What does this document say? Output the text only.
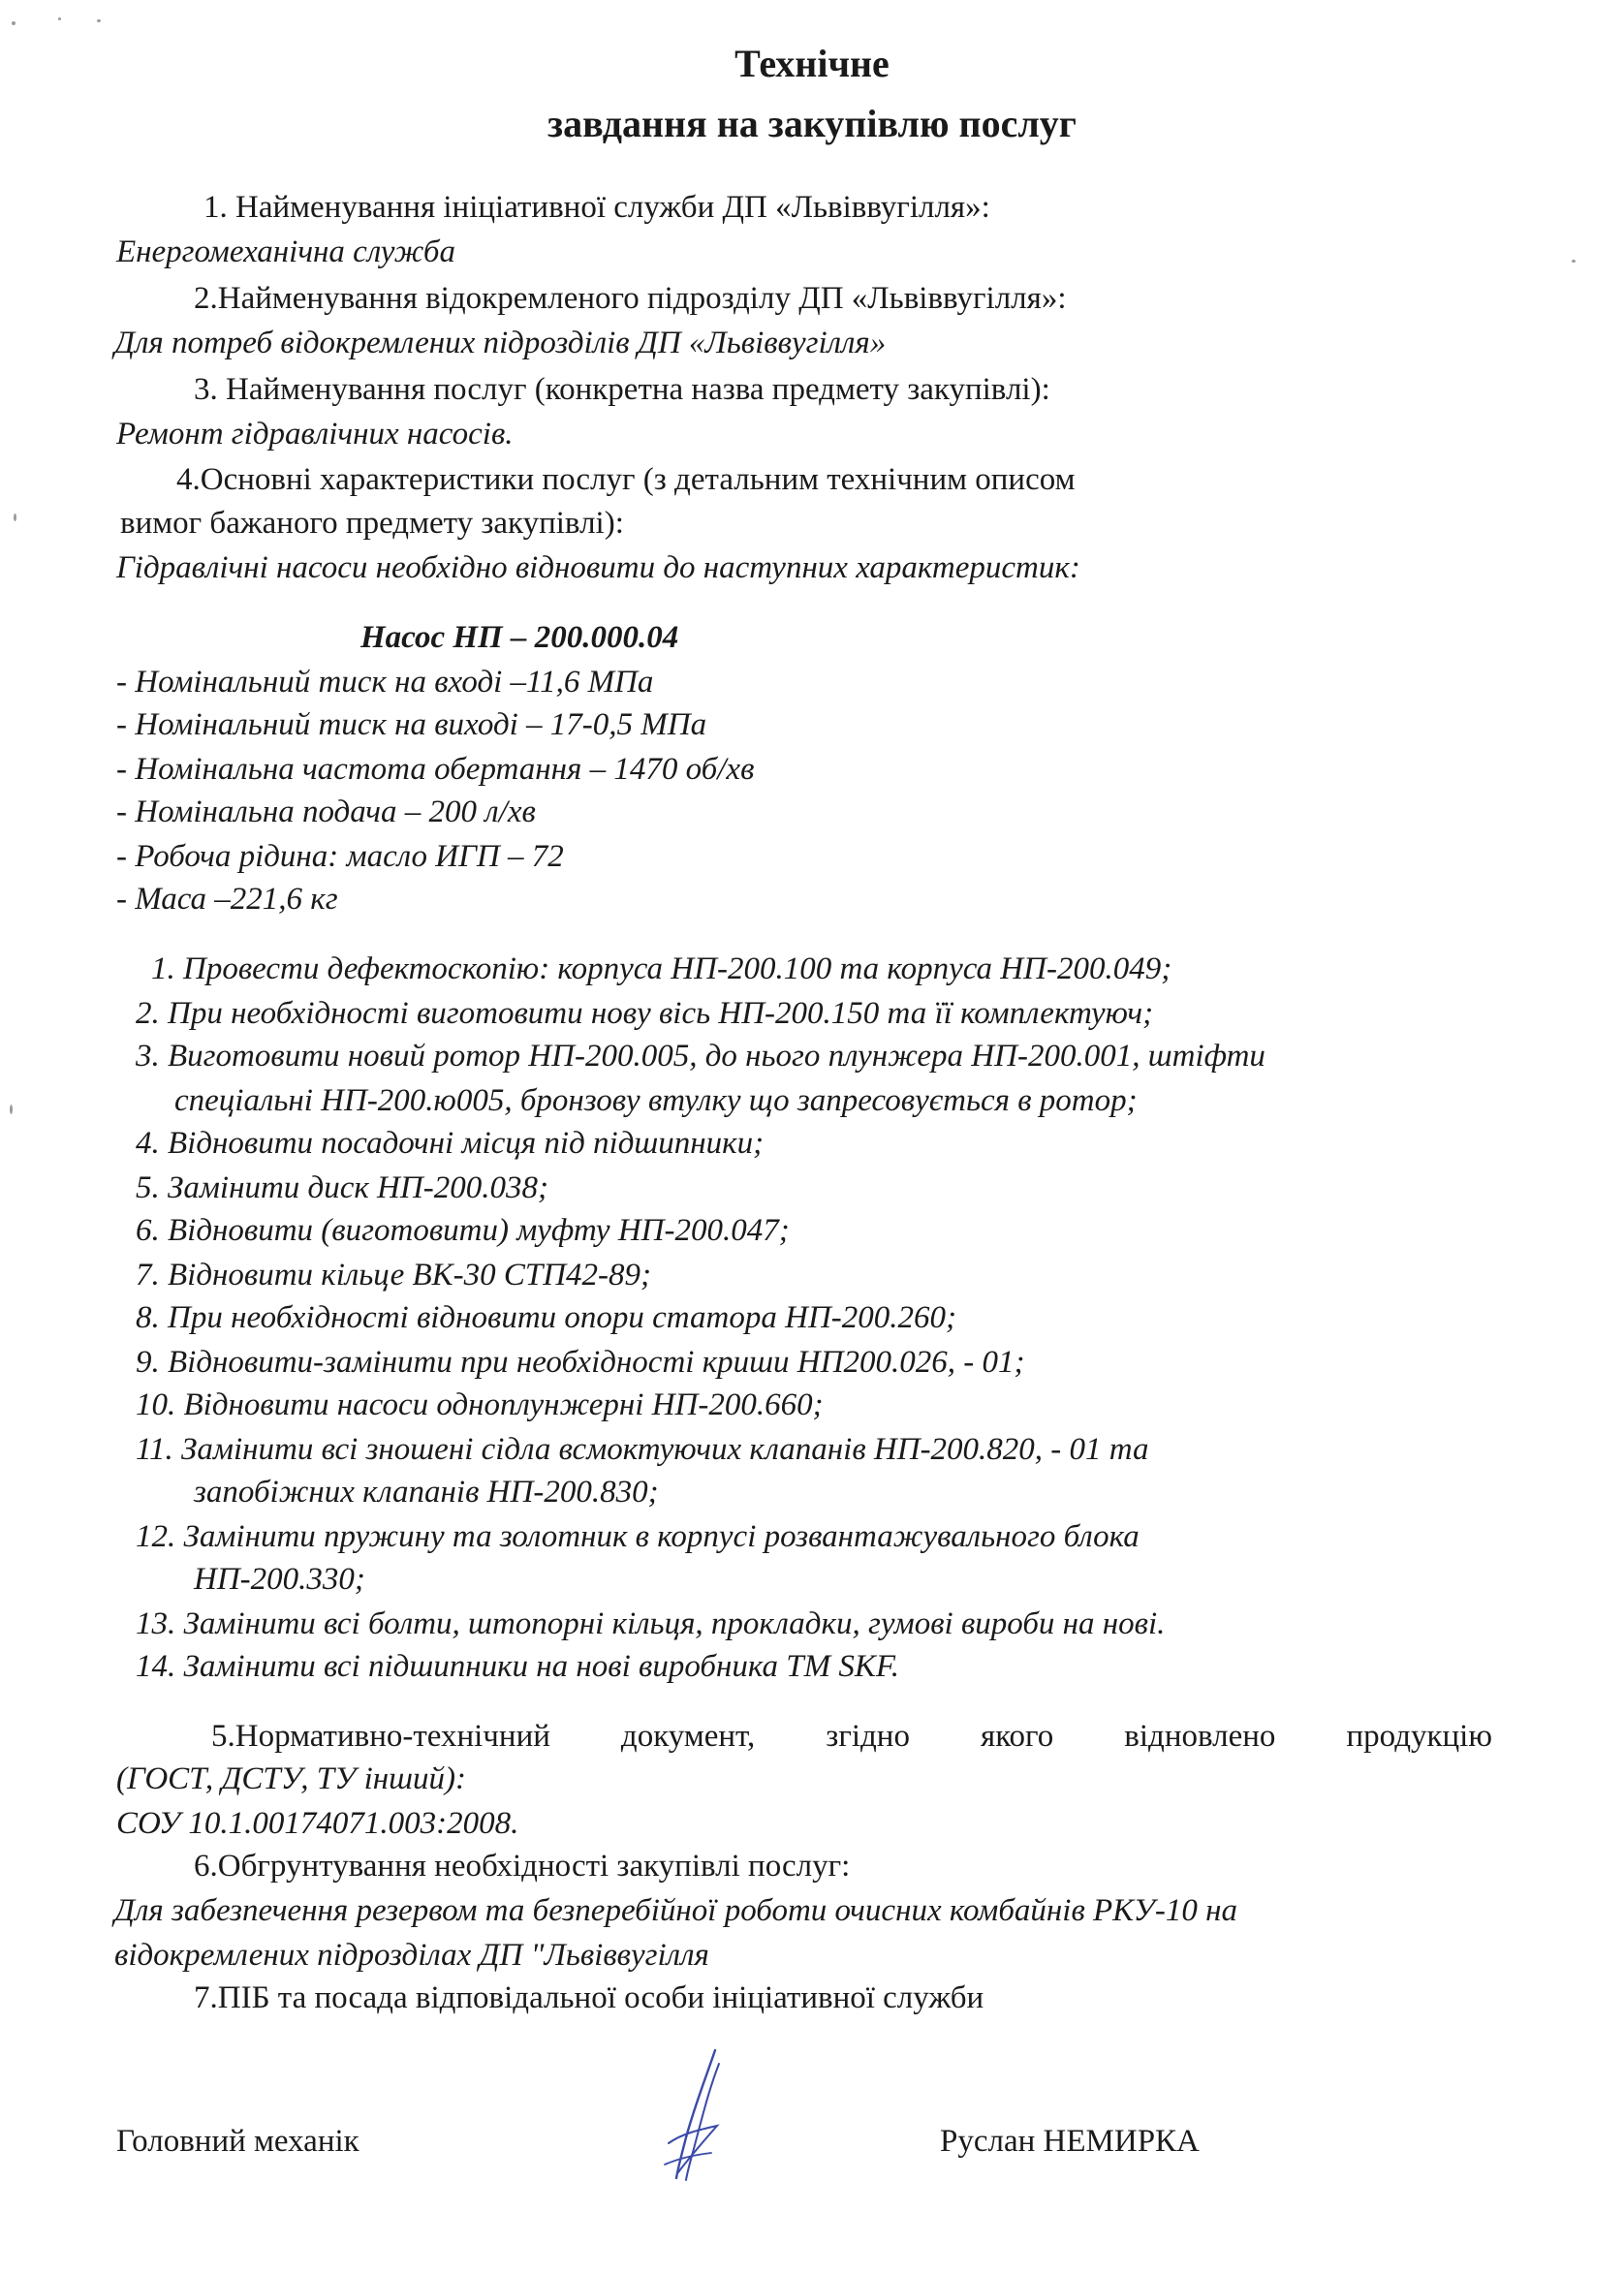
Технічне
завдання на закупівлю послуг

1. Найменування ініціативної служби ДП «Львіввугілля»:

Енергомеханічна служба

2.Найменування відокремленого підрозділу ДП «Львіввугілля»:

Для потреб відокремлених підрозділів ДП «Львіввугілля»

3. Найменування послуг (конкретна назва предмету закупівлі):

Ремонт гідравлічних насосів.

4.Основні характеристики послуг (з детальним технічним описом

вимог бажаного предмету закупівлі):

Гідравлічні насоси необхідно відновити до наступних характеристик:

Насос НП – 200.000.04

- Номінальний тиск на вході –11,6 МПа

- Номінальний тиск на виході – 17-0,5 МПа

- Номінальна частота обертання – 1470 об/хв

- Номінальна подача – 200 л/хв

- Робоча рідина: масло ИГП – 72

- Маса –221,6 кг

1. Провести дефектоскопію: корпуса НП-200.100 та корпуса НП-200.049;

2. При необхідності виготовити нову вісь НП-200.150 та її комплектуюч;

3. Виготовити новий ротор НП-200.005, до нього плунжера НП-200.001, штіфти

спеціальні НП-200.ю005, бронзову втулку що запресовується в ротор;

4. Відновити посадочні місця під підшипники;

5. Замінити диск НП-200.038;

6. Відновити (виготовити) муфту НП-200.047;

7. Відновити кільце ВК-30 СТП42-89;

8. При необхідності відновити опори статора НП-200.260;

9. Відновити-замінити при необхідності криши НП200.026, - 01;

10. Відновити насоси одноплунжерні НП-200.660;

11. Замінити всі зношені сідла всмоктуючих клапанів НП-200.820, - 01 та

запобіжних клапанів НП-200.830;

12. Замінити пружину та золотник в корпусі розвантажувального блока

НП-200.330;

13. Замінити всі болти, штопорні кільця, прокладки, гумові вироби на нові.

14. Замінити всі підшипники на нові виробника ТМ SKF.

5.Нормативно-технічний документ, згідно якого відновлено продукцію

(ГОСТ, ДСТУ, ТУ інший):

СОУ 10.1.00174071.003:2008.

6.Обгрунтування необхідності закупівлі послуг:

Для забезпечення резервом та безперебійної роботи очисних комбайнів РКУ-10 на

відокремлених підрозділах ДП "Львіввугілля

7.ПІБ та посада відповідальної особи ініціативної служби

Головний механік	Руслан НЕМИРКА
